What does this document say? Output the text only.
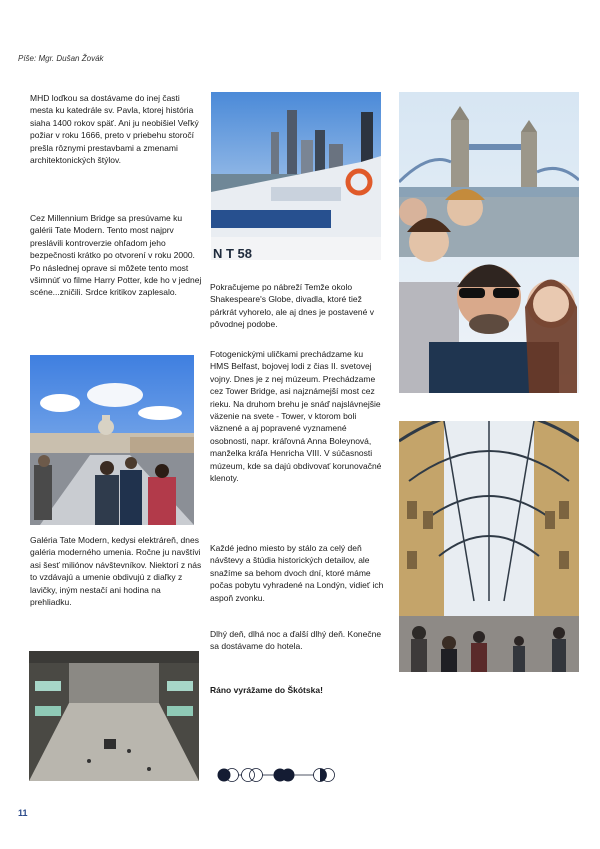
Píše: Mgr. Dušan Žovák

MHD loďkou sa dostávame do inej časti mesta ku katedrále sv. Pavla, ktorej história siaha 1400 rokov späť. Ani ju neobišiel Veľký požiar v roku 1666, preto v priebehu storočí prešla rôznymi prestavbami a zmenami architektonických štýlov.

Cez Millennium Bridge sa presúvame ku galérii Tate Modern. Tento most najprv preslávili kontroverzie ohľadom jeho bezpečnosti krátko po otvorení v roku 2000. Po následnej oprave si môžete tento most všimnúť vo filme Harry Potter, kde ho v jednej scéne...zničili. Srdce kritikov zaplesalo.

Galéria Tate Modern, kedysi elektráreň, dnes galéria moderného umenia. Ročne ju navštívi asi šesť miliónov návštevníkov. Niektorí z nás to vzdávajú a umenie obdivujú z diaľky z lavičky, iným nestačí ani hodina na prehliadku.

N T 58

Pokračujeme po nábreží Temže okolo Shakespeare's Globe, divadla, ktoré tiež párkrát vyhorelo, ale aj dnes je postavené v pôvodnej podobe.

Fotogenickými uličkami prechádzame ku HMS Belfast, bojovej lodi z čias II. svetovej vojny. Dnes je z nej múzeum. Prechádzame cez Tower Bridge, asi najznámejší most cez rieku. Na druhom brehu je snáď najslávnejšie väzenie na svete - Tower, v ktorom boli väznené a aj popravené vyznamené osobnosti, napr. kráľovná Anna Boleynová, manželka kráľa Henricha VIII. V súčasnosti múzeum, kde sa dajú obdivovať korunovačné klenoty.

Každé jedno miesto by stálo za celý deň návštevy a štúdia historických detailov, ale snažíme sa behom dvoch dní, ktoré máme počas pobytu vyhradené na Londýn, vidieť ich aspoň zvonku.

Dlhý deň, dlhá noc a ďalší dlhý deň. Konečne sa dostávame do hotela.

Ráno vyrážame do Škótska!

11
